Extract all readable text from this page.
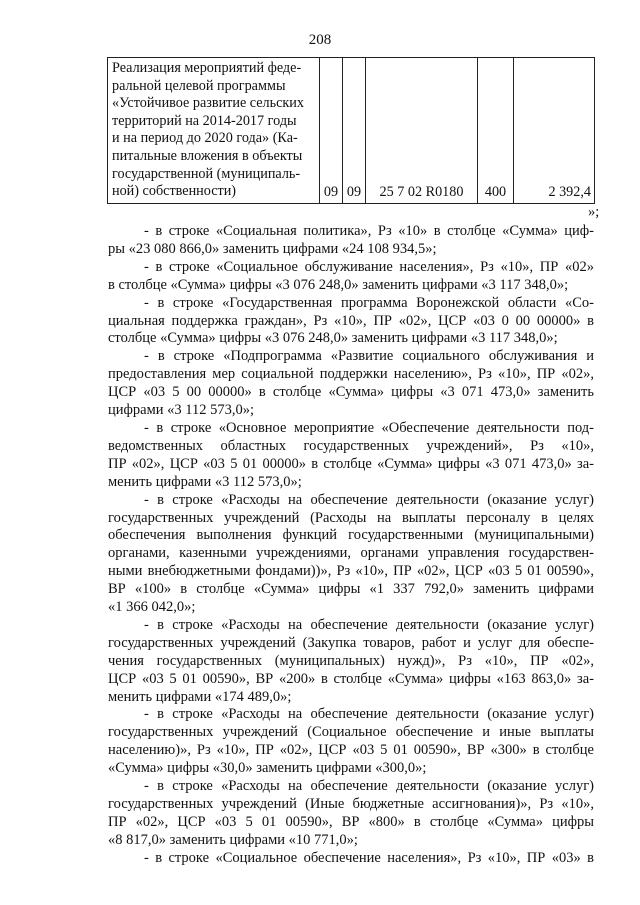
208
Реализация мероприятий феде-
ральной целевой программы
«Устойчивое развитие сельских
территорий на 2014-2017 годы
и на период до 2020 года» (Ка-
питальные вложения в объекты
государственной (муниципаль-
ной) собственности)	09	09	25 7 02 R0180	400	2 392,4
»;
- в строке «Социальная политика», Рз «10» в столбце «Сумма» циф-
ры «23 080 866,0» заменить цифрами «24 108 934,5»;
- в строке «Социальное обслуживание населения», Рз «10», ПР «02»
в столбце «Сумма» цифры «3 076 248,0» заменить цифрами «3 117 348,0»;
- в строке «Государственная программа Воронежской области «Со-
циальная поддержка граждан», Рз «10», ПР «02», ЦСР «03 0 00 00000» в
столбце «Сумма» цифры «3 076 248,0» заменить цифрами «3 117 348,0»;
- в строке «Подпрограмма «Развитие социального обслуживания и
предоставления мер социальной поддержки населению», Рз «10», ПР «02»,
ЦСР «03 5 00 00000» в столбце «Сумма» цифры «3 071 473,0» заменить
цифрами «3 112 573,0»;
- в строке «Основное мероприятие «Обеспечение деятельности под-
ведомственных областных государственных учреждений», Рз «10»,
ПР «02», ЦСР «03 5 01 00000» в столбце «Сумма» цифры «3 071 473,0» за-
менить цифрами «3 112 573,0»;
- в строке «Расходы на обеспечение деятельности (оказание услуг)
государственных учреждений (Расходы на выплаты персоналу в целях
обеспечения выполнения функций государственными (муниципальными)
органами, казенными учреждениями, органами управления государствен-
ными внебюджетными фондами))», Рз «10», ПР «02», ЦСР «03 5 01 00590»,
ВР «100» в столбце «Сумма» цифры «1 337 792,0» заменить цифрами
«1 366 042,0»;
- в строке «Расходы на обеспечение деятельности (оказание услуг)
государственных учреждений (Закупка товаров, работ и услуг для обеспе-
чения государственных (муниципальных) нужд)», Рз «10», ПР «02»,
ЦСР «03 5 01 00590», ВР «200» в столбце «Сумма» цифры «163 863,0» за-
менить цифрами «174 489,0»;
- в строке «Расходы на обеспечение деятельности (оказание услуг)
государственных учреждений (Социальное обеспечение и иные выплаты
населению)», Рз «10», ПР «02», ЦСР «03 5 01 00590», ВР «300» в столбце
«Сумма» цифры «30,0» заменить цифрами «300,0»;
- в строке «Расходы на обеспечение деятельности (оказание услуг)
государственных учреждений (Иные бюджетные ассигнования)», Рз «10»,
ПР «02», ЦСР «03 5 01 00590», ВР «800» в столбце «Сумма» цифры
«8 817,0» заменить цифрами «10 771,0»;
- в строке «Социальное обеспечение населения», Рз «10», ПР «03» в
